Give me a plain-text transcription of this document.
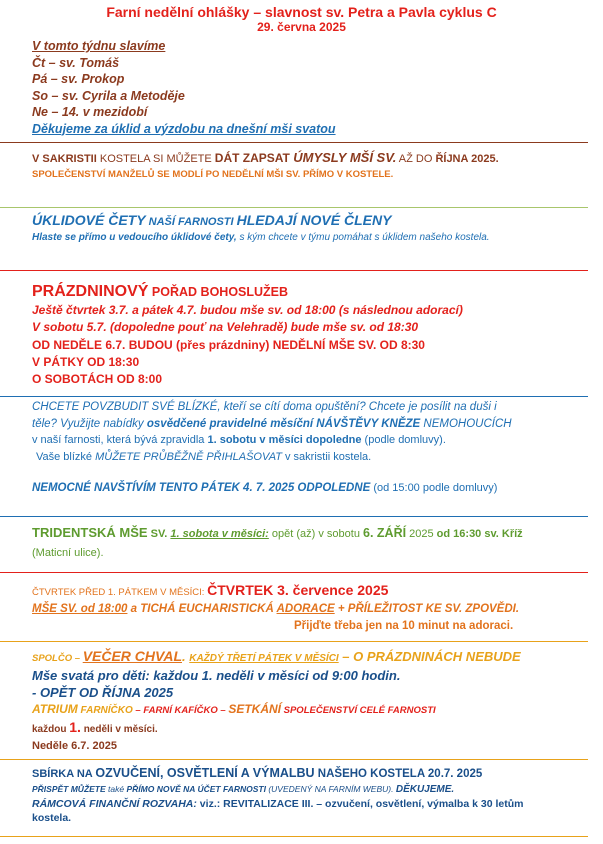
Farní nedělní ohlášky – slavnost sv. Petra a Pavla cyklus C

29. června 2025

V tomto týdnu slavíme

Čt – sv. Tomáš

Pá – sv. Prokop

So – sv. Cyrila a Metoděje

Ne – 14. v mezidobí

Děkujeme za úklid a výzdobu na dnešní mši svatou

V SAKRISTII KOSTELA SI MŮŽETE DÁT ZAPSAT ÚMYSLY MŠÍ SV. AŽ DO ŘÍJNA 2025.

SPOLEČENSTVÍ MANŽELŮ SE MODLÍ PO NEDĚLNÍ MŠI SV. PŘÍMO V KOSTELE.

ÚKLIDOVÉ ČETY NAŠÍ FARNOSTI HLEDAJÍ NOVÉ ČLENY

Hlaste se přímo u vedoucího úklidové čety, s kým chcete v týmu pomáhat s úklidem našeho kostela.

PRÁZDNINOVÝ POŘAD BOHOSLUŽEB

Ještě čtvrtek 3.7. a pátek 4.7. budou mše sv. od 18:00 (s následnou adorací)

V sobotu 5.7. (dopoledne pouť na Velehradě) bude mše sv. od 18:30

OD NEDĚLE 6.7. BUDOU (přes prázdniny) NEDĚLNÍ MŠE SV. OD 8:30

V PÁTKY OD 18:30

O SOBOTÁCH OD 8:00

CHCETE POVZBUDIT SVÉ BLÍZKÉ, kteří se cítí doma opuštění? Chcete je posílit na duši i

těle? Využijte nabídky osvědčené pravidelné měsíční NÁVŠTĚVY KNĚZE NEMOHOUCÍCH

v naší farnosti, která bývá zpravidla 1. sobotu v měsíci dopoledne (podle domluvy).

Vaše blízké MŮŽETE PRŮBĚŽNĚ PŘIHLAŠOVAT v sakristii kostela.

NEMOCNÉ NAVŠTÍVÍM TENTO PÁTEK 4. 7. 2025 ODPOLEDNE (od 15:00 podle domluvy)

TRIDENTSKÁ MŠE SV. 1. sobota v měsíci: opět (až) v sobotu 6. ZÁŘÍ 2025 od 16:30 sv. Kříž

(Maticní ulice).

ČTVRTEK PŘED 1. PÁTKEM V MĚSÍCI: ČTVRTEK 3. července 2025

MŠE SV. od 18:00 a TICHÁ EUCHARISTICKÁ ADORACE + PŘÍLEŽITOST KE SV. ZPOVĚDI.

Přijďte třeba jen na 10 minut na adoraci.

SPOLČO – VEČER CHVAL. KAŽDÝ TŘETÍ PÁTEK V MĚSÍCI – O PRÁZDNINÁCH NEBUDE

Mše svatá pro děti: každou 1. neděli v měsíci od 9:00 hodin.

- OPĚT OD ŘÍJNA 2025

ATRIUM FARNÍČKO – FARNÍ KAFÍČKO – SETKÁNÍ SPOLEČENSTVÍ CELÉ FARNOSTI

každou 1. neděli v měsíci.

Neděle 6.7. 2025

SBÍRKA NA OZVUČENÍ, OSVĚTLENÍ A VÝMALBU NAŠEHO KOSTELA 20.7. 2025

PŘISPĚT MŮŽETE také PŘÍMO NOVĚ NA ÚČET FARNOSTI (UVEDENÝ NA FARNÍM WEBU). DĚKUJEME.

RÁMCOVÁ FINANČNÍ ROZVAHA: viz.: REVITALIZACE III. – ozvučení, osvětlení, výmalba k 30 letům

kostela.
